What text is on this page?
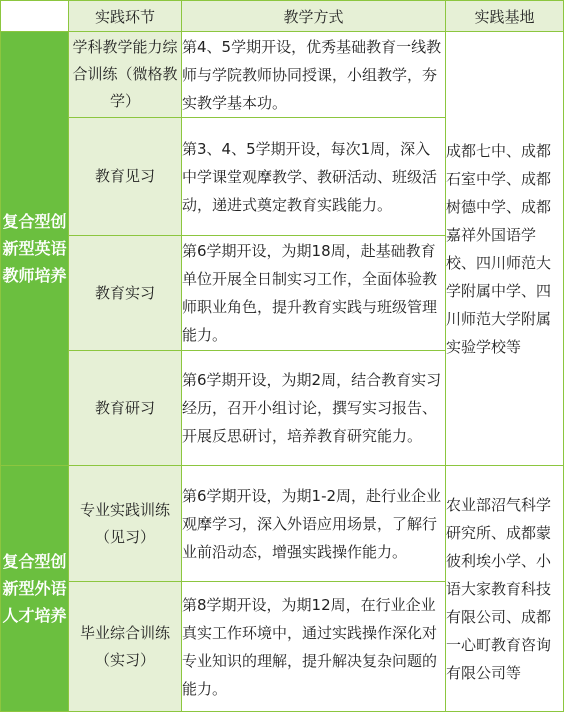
	实践环节	教学方式	实践基地
复合型创新型英语教师培养	学科教学能力综合训练（微格教学）	第4、5学期开设，优秀基础教育一线教师与学院教师协同授课，小组教学，夯实教学基本功。	成都七中、成都石室中学、成都树德中学、成都嘉祥外国语学校、四川师范大学附属中学、四川师范大学附属实验学校等
	教育见习	第3、4、5学期开设，每次1周，深入中学课堂观摩教学、教研活动、班级活动，递进式奠定教育实践能力。	
	教育实习	第6学期开设，为期18周，赴基础教育单位开展全日制实习工作，全面体验教师职业角色，提升教育实践与班级管理能力。	
	教育研习	第6学期开设，为期2周，结合教育实习经历，召开小组讨论，撰写实习报告、开展反思研讨，培养教育研究能力。	
复合型创新型外语人才培养	专业实践训练（见习）	第6学期开设，为期1-2周，赴行业企业观摩学习，深入外语应用场景，了解行业前沿动态，增强实践操作能力。	农业部沼气科学研究所、成都蒙彼利埃小学、小语大家教育科技有限公司、成都一心町教育咨询有限公司等
	毕业综合训练（实习）	第8学期开设，为期12周，在行业企业真实工作环境中，通过实践操作深化对专业知识的理解，提升解决复杂问题的能力。	
